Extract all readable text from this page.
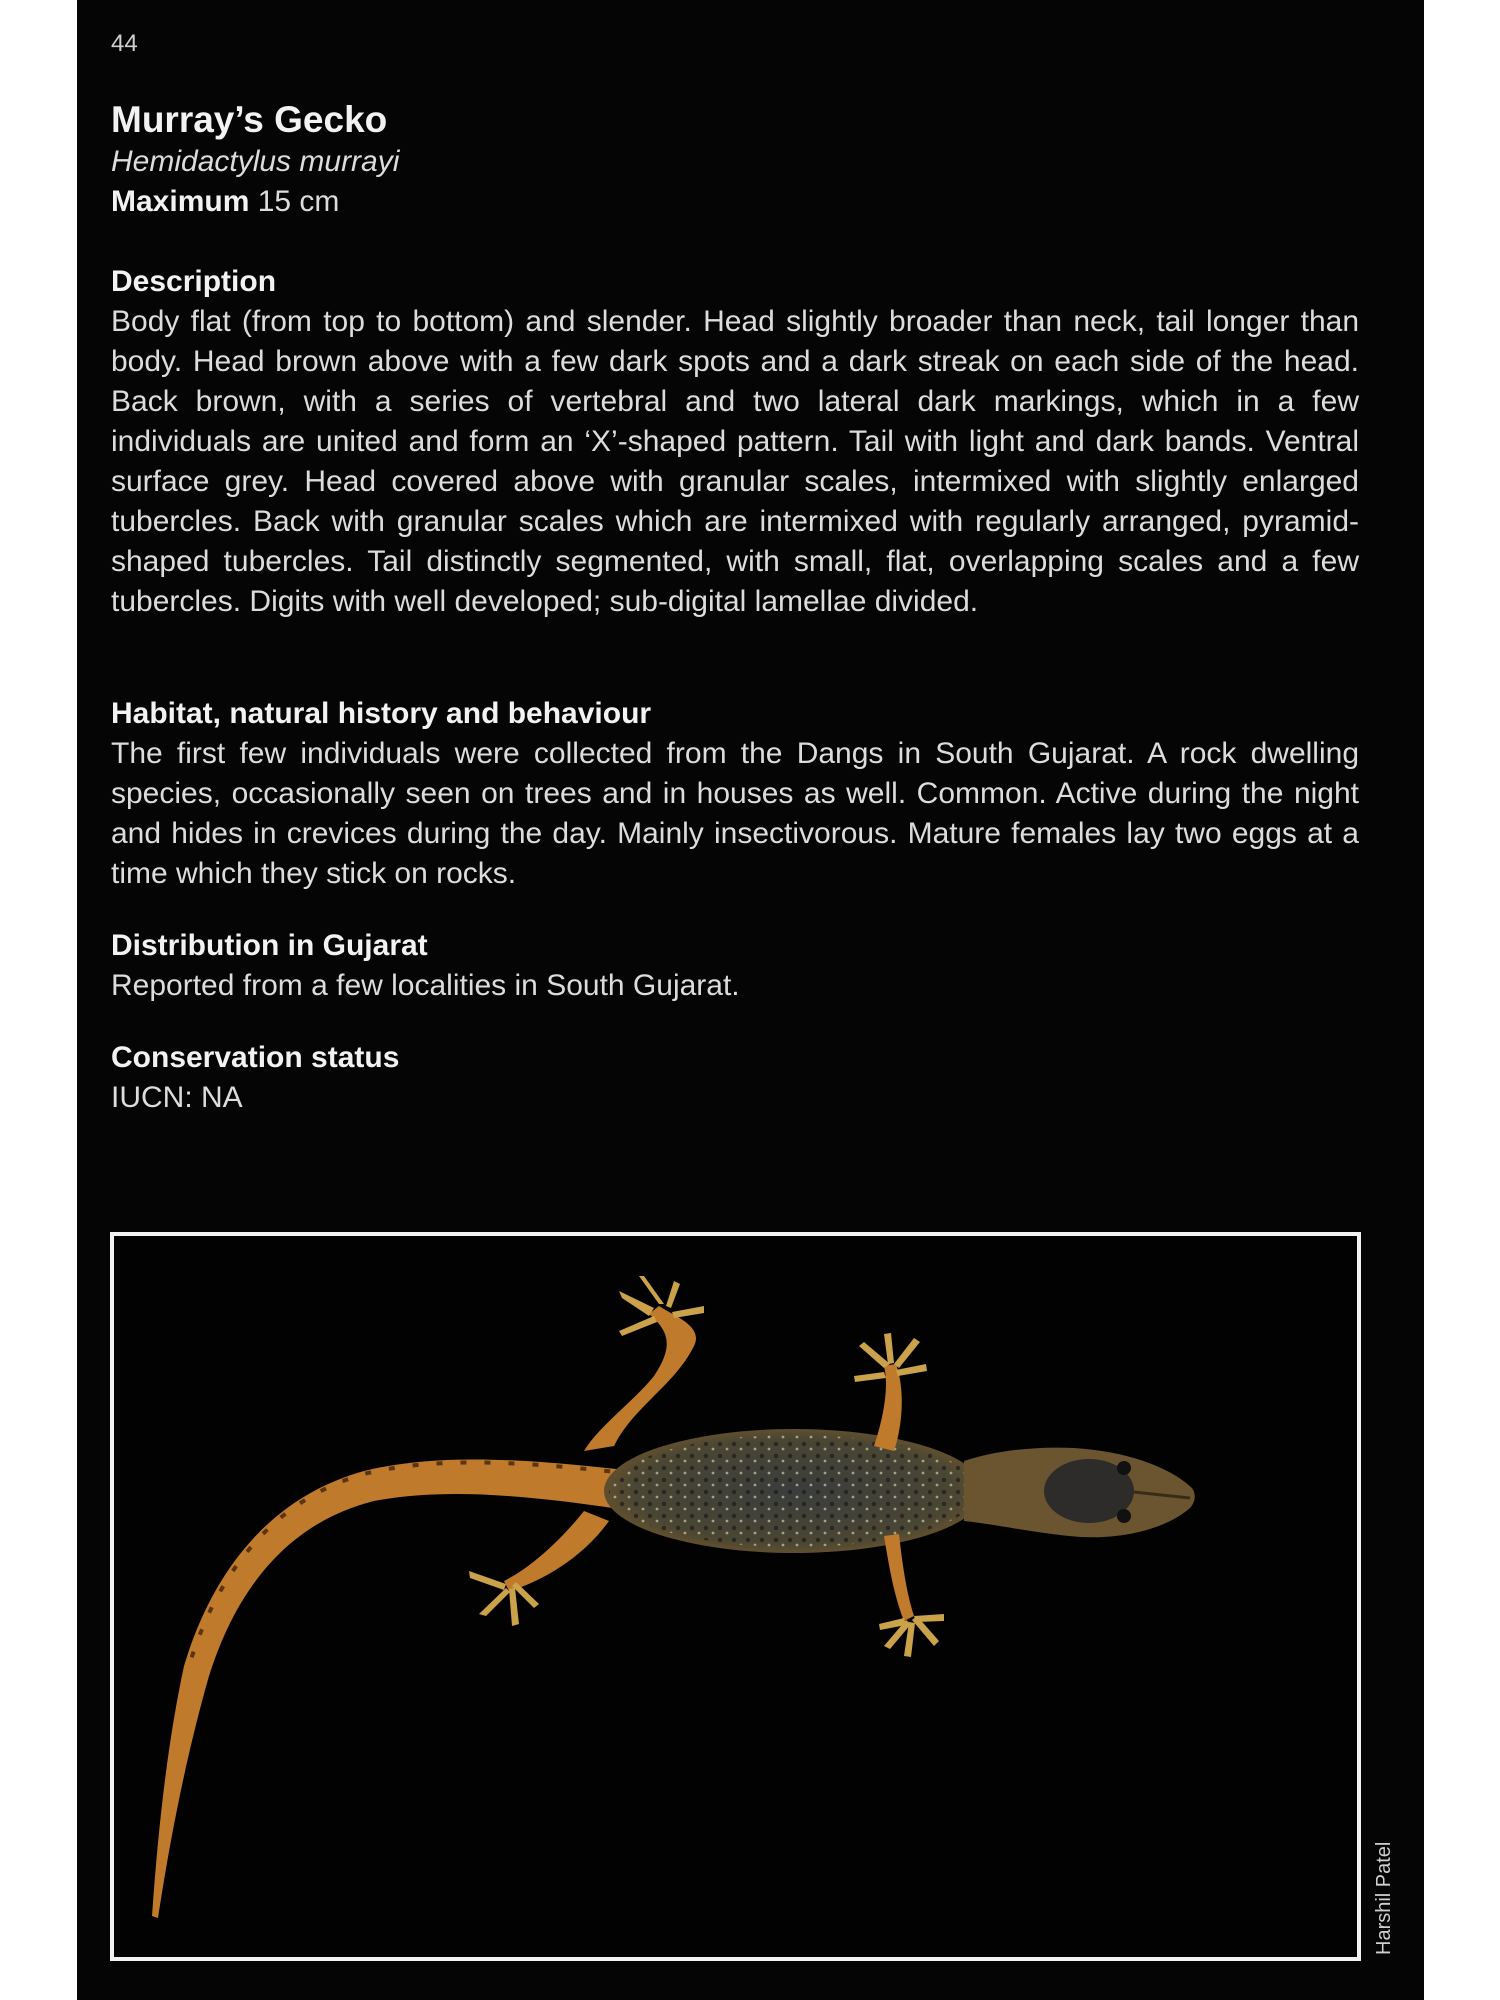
44
Murray’s Gecko
Hemidactylus murrayi
Maximum 15 cm
Description

Body flat (from top to bottom) and slender. Head slightly broader than neck, tail longer than body. Head brown above with a few dark spots and a dark streak on each side of the head. Back brown, with a series of vertebral and two lateral dark markings, which in a few individuals are united and form an ‘X’-shaped pattern. Tail with light and dark bands. Ventral surface grey. Head covered above with granular scales, intermixed with slightly enlarged tubercles. Back with granular scales which are intermixed with regularly arranged, pyramid-shaped tubercles. Tail distinctly segmented, with small, flat, overlapping scales and a few tubercles. Digits with well developed; sub-digital lamellae divided.

Habitat, natural history and behaviour

The first few individuals were collected from the Dangs in South Gujarat. A rock dwelling species, occasionally seen on trees and in houses as well. Common. Active during the night and hides in crevices during the day. Mainly insectivorous. Mature females lay two eggs at a time which they stick on rocks.

Distribution in Gujarat

Reported from a few localities in South Gujarat.

Conservation status

IUCN: NA

Harshil Patel
